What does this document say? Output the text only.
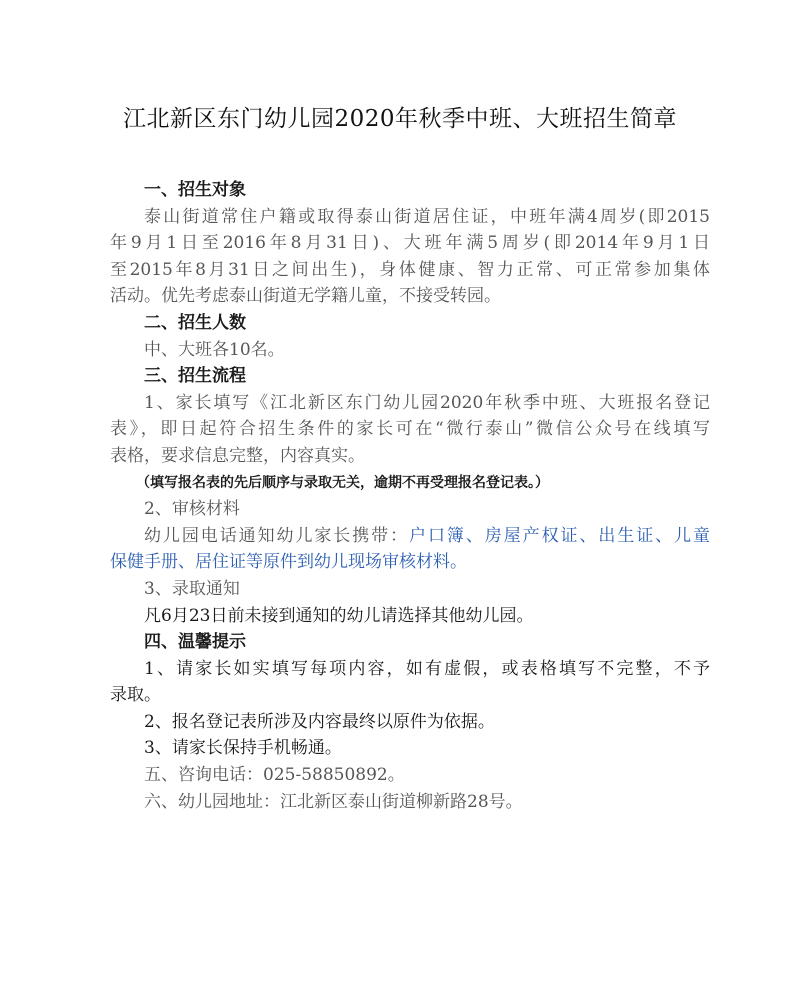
江北新区东门幼儿园2020年秋季中班、大班招生简章
一、招生对象
泰山街道常住户籍或取得泰山街道居住证，中班年满4周岁(即2015
年9月1日至2016年8月31日)、大班年满5周岁(即2014年9月1日
至2015年8月31日之间出生)，身体健康、智力正常、可正常参加集体
活动。优先考虑泰山街道无学籍儿童，不接受转园。
二、招生人数
中、大班各10名。
三、招生流程
1、家长填写《江北新区东门幼儿园2020年秋季中班、大班报名登记
表》，即日起符合招生条件的家长可在“微行泰山”微信公众号在线填写
表格，要求信息完整，内容真实。
（填写报名表的先后顺序与录取无关，逾期不再受理报名登记表。）
2、审核材料
幼儿园电话通知幼儿家长携带：户口簿、房屋产权证、出生证、儿童
保健手册、居住证等原件到幼儿现场审核材料。
3、录取通知
凡6月23日前未接到通知的幼儿请选择其他幼儿园。
四、温馨提示
1、请家长如实填写每项内容，如有虚假，或表格填写不完整，不予
录取。
2、报名登记表所涉及内容最终以原件为依据。
3、请家长保持手机畅通。
五、咨询电话：025-58850892。
六、幼儿园地址：江北新区泰山街道柳新路28号。
